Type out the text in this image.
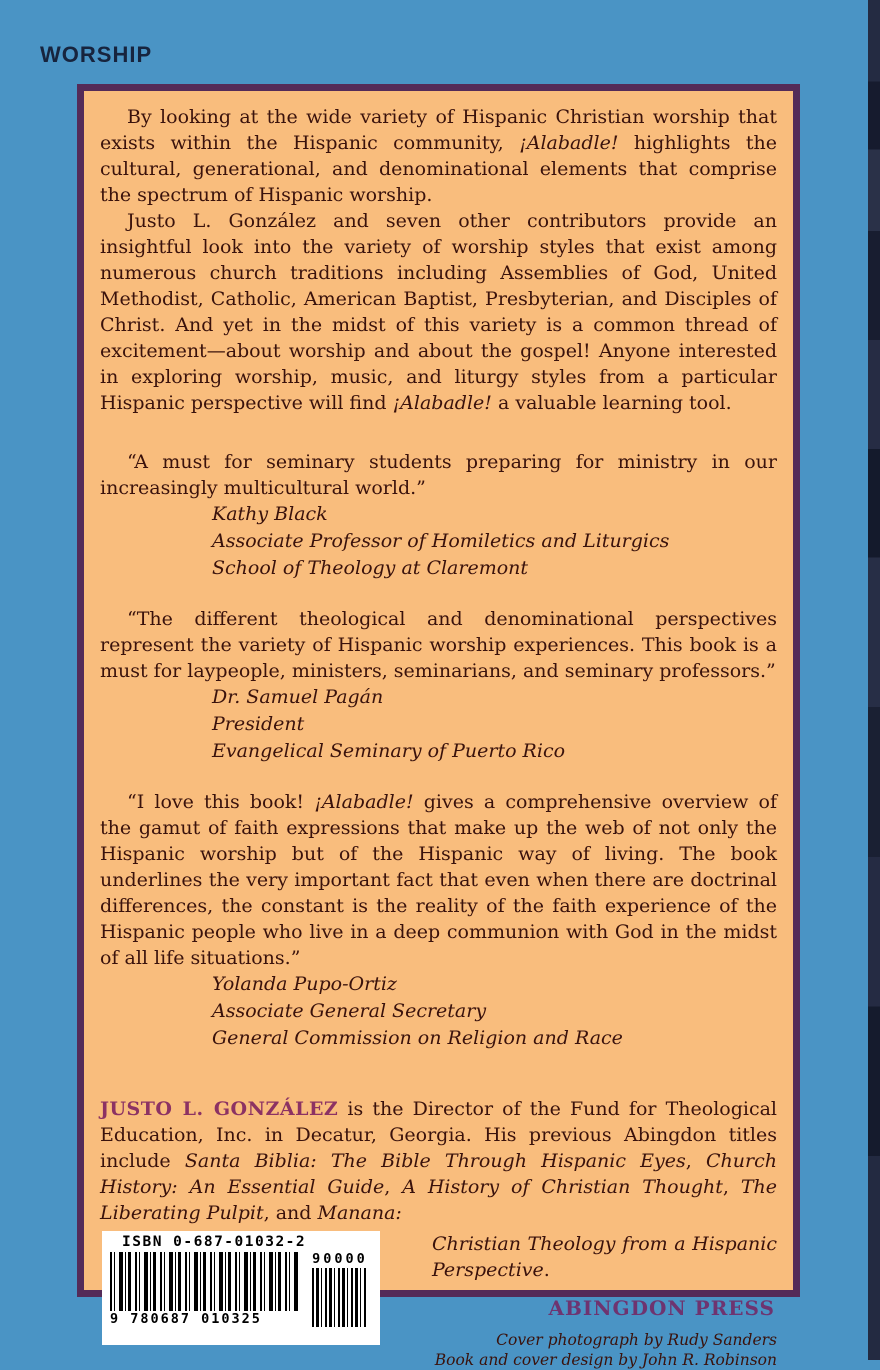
WORSHIP

By looking at the wide variety of Hispanic Christian worship that exists within the Hispanic community, ¡Alabadle! highlights the cultural, generational, and denominational elements that comprise the spectrum of Hispanic worship.

Justo L. González and seven other contributors provide an insightful look into the variety of worship styles that exist among numerous church traditions including Assemblies of God, United Methodist, Catholic, American Baptist, Presbyterian, and Disciples of Christ. And yet in the midst of this variety is a common thread of excitement—about worship and about the gospel! Anyone interested in exploring worship, music, and liturgy styles from a particular Hispanic perspective will find ¡Alabadle! a valuable learning tool.

“A must for seminary students preparing for ministry in our increasingly multicultural world.”

Kathy Black
Associate Professor of Homiletics and Liturgics
School of Theology at Claremont

“The different theological and denominational perspectives represent the variety of Hispanic worship experiences. This book is a must for laypeople, ministers, seminarians, and seminary professors.”

Dr. Samuel Pagán
President
Evangelical Seminary of Puerto Rico

“I love this book! ¡Alabadle! gives a comprehensive overview of the gamut of faith expressions that make up the web of not only the Hispanic worship but of the Hispanic way of living. The book underlines the very important fact that even when there are doctrinal differences, the constant is the reality of the faith experience of the Hispanic people who live in a deep communion with God in the midst of all life situations.”

Yolanda Pupo-Ortiz
Associate General Secretary
General Commission on Religion and Race

JUSTO L. GONZÁLEZ is the Director of the Fund for Theological Education, Inc. in Decatur, Georgia. His previous Abingdon titles include Santa Biblia: The Bible Through Hispanic Eyes, Church History: An Essential Guide, A History of Christian Thought, The Liberating Pulpit, and Manana:

ISBN 0-687-01032-2
9 780687 010325
90000

Christian Theology from a Hispanic Perspective.

ABINGDON PRESS
Cover photograph by Rudy Sanders
Book and cover design by John R. Robinson
